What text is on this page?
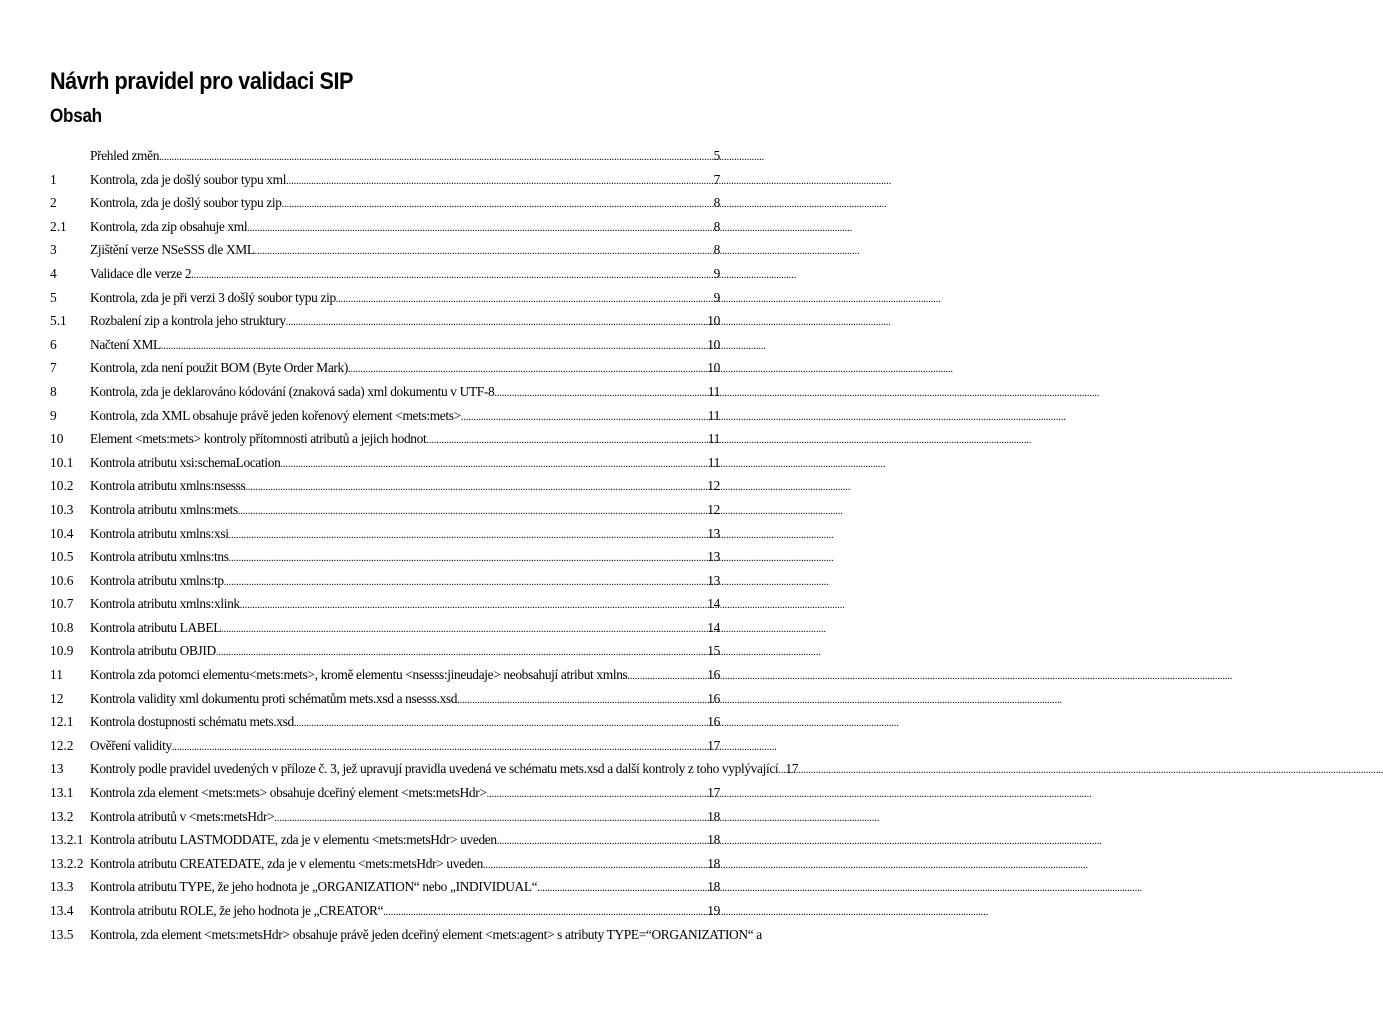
Návrh pravidel pro validaci SIP
Obsah
Přehled změn .....	5
1	Kontrola, zda je došlý soubor typu xml .....	7
2	Kontrola, zda je došlý soubor typu zip .....	8
2.1	Kontrola, zda zip obsahuje xml .....	8
3	Zjištění verze NSeSSS dle XML .....	8
4	Validace dle verze 2 .....	9
5	Kontrola, zda je při verzi 3 došlý soubor typu zip .....	9
5.1	Rozbalení zip a kontrola jeho struktury .....	10
6	Načtení XML .....	10
7	Kontrola, zda není použit BOM (Byte Order Mark) .....	10
8	Kontrola, zda je deklarováno kódování (znaková sada) xml dokumentu v UTF-8 .....	11
9	Kontrola, zda XML obsahuje právě jeden kořenový element <mets:mets> .....	11
10	Element <mets:mets> kontroly přítomnosti atributů a jejich hodnot .....	11
10.1	Kontrola atributu xsi:schemaLocation .....	11
10.2	Kontrola atributu xmlns:nsesss .....	12
10.3	Kontrola atributu xmlns:mets .....	12
10.4	Kontrola atributu xmlns:xsi .....	13
10.5	Kontrola atributu xmlns:tns .....	13
10.6	Kontrola atributu xmlns:tp .....	13
10.7	Kontrola atributu xmlns:xlink .....	14
10.8	Kontrola atributu LABEL .....	14
10.9	Kontrola atributu OBJID .....	15
11	Kontrola zda potomci elementu<mets:mets>, kromě elementu <nsesss:jineudaje> neobsahují atribut xmlns .....	16
12	Kontrola validity xml dokumentu proti schématům mets.xsd a nsesss.xsd .....	16
12.1	Kontrola dostupnosti schématu mets.xsd .....	16
12.2	Ověření validity .....	17
13	Kontroly podle pravidel uvedených v příloze č. 3, jež upravují pravidla uvedená ve schématu mets.xsd a další kontroly z toho vyplývající ..... 17
13.1	Kontrola zda element <mets:mets> obsahuje dceřiný element <mets:metsHdr> .....	17
13.2	Kontrola atributů v <mets:metsHdr> .....	18
13.2.1 Kontrola atributu LASTMODDATE, zda je v elementu <mets:metsHdr> uveden .....	18
13.2.2 Kontrola atributu CREATEDATE, zda je v elementu <mets:metsHdr> uveden .....	18
13.3	Kontrola atributu TYPE, že jeho hodnota je „ORGANIZATION“ nebo „INDIVIDUAL“ .....	18
13.4	Kontrola atributu ROLE, že jeho hodnota je „CREATOR“ .....	19
13.5	Kontrola, zda element <mets:metsHdr> obsahuje právě jeden dceřiný element <mets:agent> s atributy TYPE=“ORGANIZATION“ a
